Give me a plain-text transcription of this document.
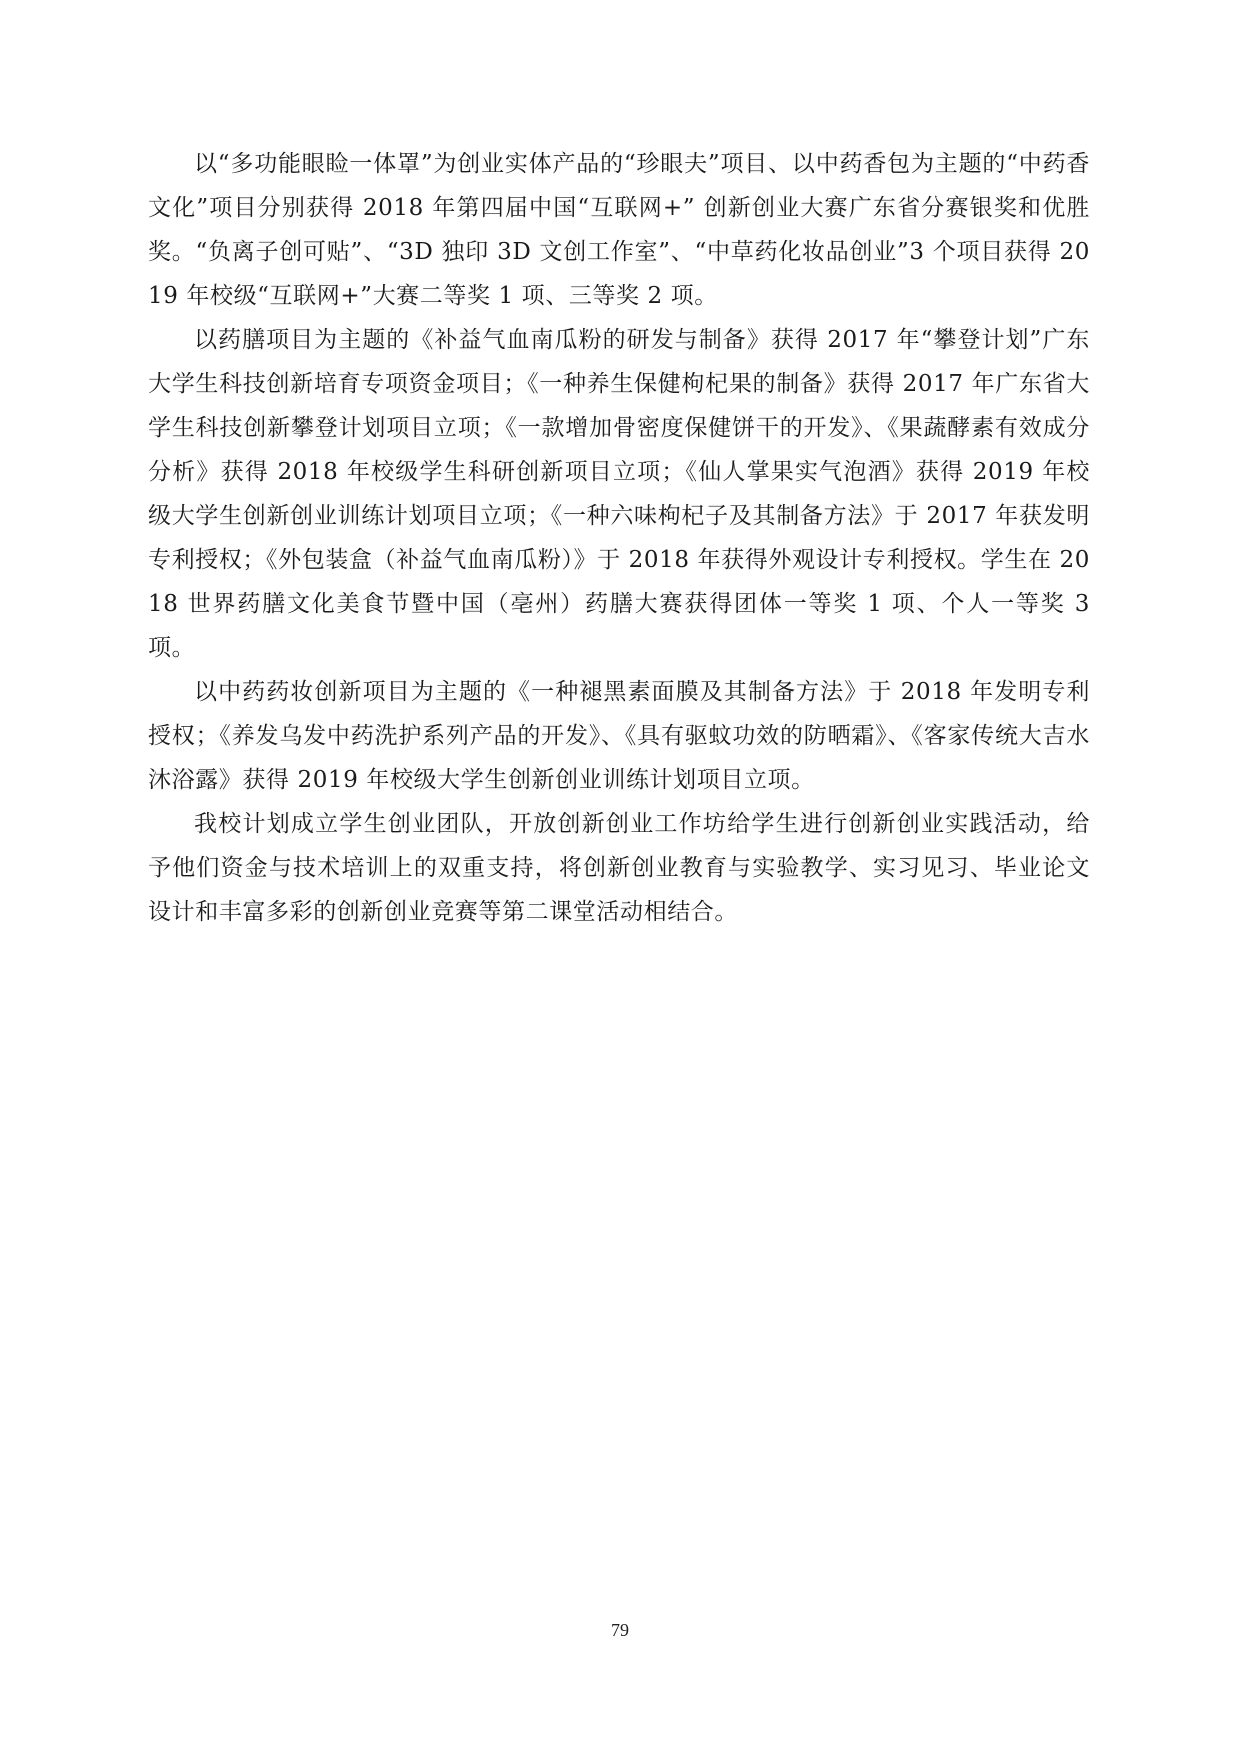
以“多功能眼睑一体罩”为创业实体产品的“珍眼夫”项目、以中药香包为主题的“中药香文化”项目分别获得 2018 年第四届中国“互联网+” 创新创业大赛广东省分赛银奖和优胜奖。“负离子创可贴”、“3D 独印 3D 文创工作室”、“中草药化妆品创业”3 个项目获得 2019 年校级“互联网+”大赛二等奖 1 项、三等奖 2 项。

以药膳项目为主题的《补益气血南瓜粉的研发与制备》获得 2017 年“攀登计划”广东大学生科技创新培育专项资金项目；《一种养生保健枸杞果的制备》获得 2017 年广东省大学生科技创新攀登计划项目立项；《一款增加骨密度保健饼干的开发》、《果蔬酵素有效成分分析》获得 2018 年校级学生科研创新项目立项；《仙人掌果实气泡酒》获得 2019 年校级大学生创新创业训练计划项目立项；《一种六味枸杞子及其制备方法》于 2017 年获发明专利授权；《外包装盒（补益气血南瓜粉）》于 2018 年获得外观设计专利授权。学生在 2018 世界药膳文化美食节暨中国（亳州）药膳大赛获得团体一等奖 1 项、个人一等奖 3 项。

以中药药妆创新项目为主题的《一种褪黑素面膜及其制备方法》于 2018 年发明专利授权；《养发乌发中药洗护系列产品的开发》、《具有驱蚊功效的防晒霜》、《客家传统大吉水沐浴露》获得 2019 年校级大学生创新创业训练计划项目立项。

我校计划成立学生创业团队，开放创新创业工作坊给学生进行创新创业实践活动，给予他们资金与技术培训上的双重支持，将创新创业教育与实验教学、实习见习、毕业论文设计和丰富多彩的创新创业竞赛等第二课堂活动相结合。

79
